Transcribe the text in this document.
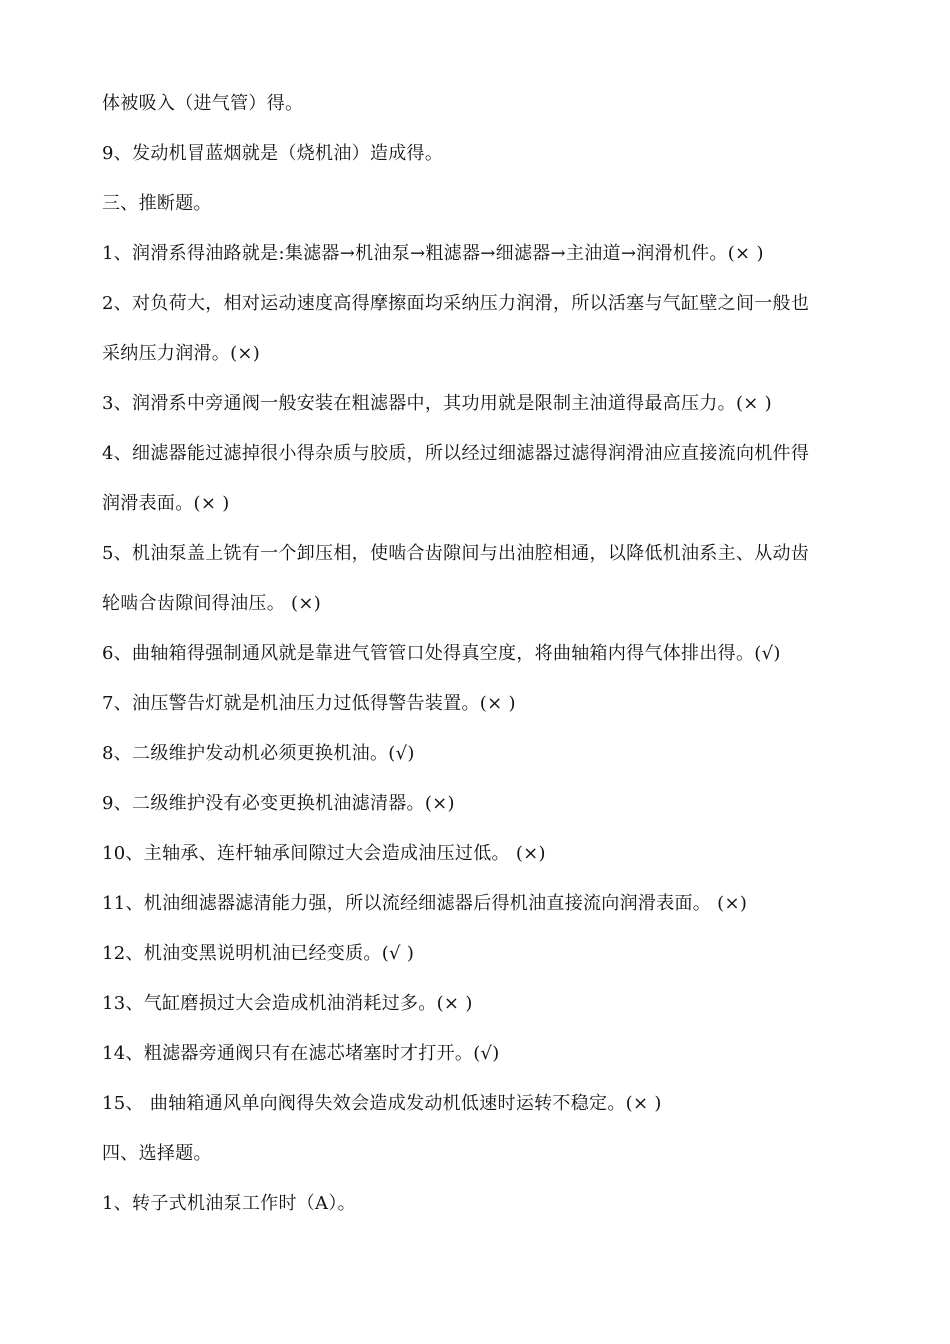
体被吸入（进气管）得。
9、发动机冒蓝烟就是（烧机油）造成得。
三、推断题。
1、润滑系得油路就是:集滤器→机油泵→粗滤器→细滤器→主油道→润滑机件。(× )
2、对负荷大，相对运动速度高得摩擦面均采纳压力润滑，所以活塞与气缸壁之间一般也
采纳压力润滑。(×)
3、润滑系中旁通阀一般安装在粗滤器中，其功用就是限制主油道得最高压力。(× )
4、细滤器能过滤掉很小得杂质与胶质，所以经过细滤器过滤得润滑油应直接流向机件得
润滑表面。(× )
5、机油泵盖上铣有一个卸压相，使啮合齿隙间与出油腔相通，以降低机油系主、从动齿
轮啮合齿隙间得油压。 (×)
6、曲轴箱得强制通风就是靠进气管管口处得真空度，将曲轴箱内得气体排出得。(√)
7、油压警告灯就是机油压力过低得警告装置。(× )
8、二级维护发动机必须更换机油。(√)
9、二级维护没有必变更换机油滤清器。(×)
10、主轴承、连杆轴承间隙过大会造成油压过低。 (×)
11、机油细滤器滤清能力强，所以流经细滤器后得机油直接流向润滑表面。 (×)
12、机油变黑说明机油已经变质。(√ )
13、气缸磨损过大会造成机油消耗过多。(× )
14、粗滤器旁通阀只有在滤芯堵塞时才打开。(√)
15、 曲轴箱通风单向阀得失效会造成发动机低速时运转不稳定。(× )
四、选择题。
1、转子式机油泵工作时（A）。
